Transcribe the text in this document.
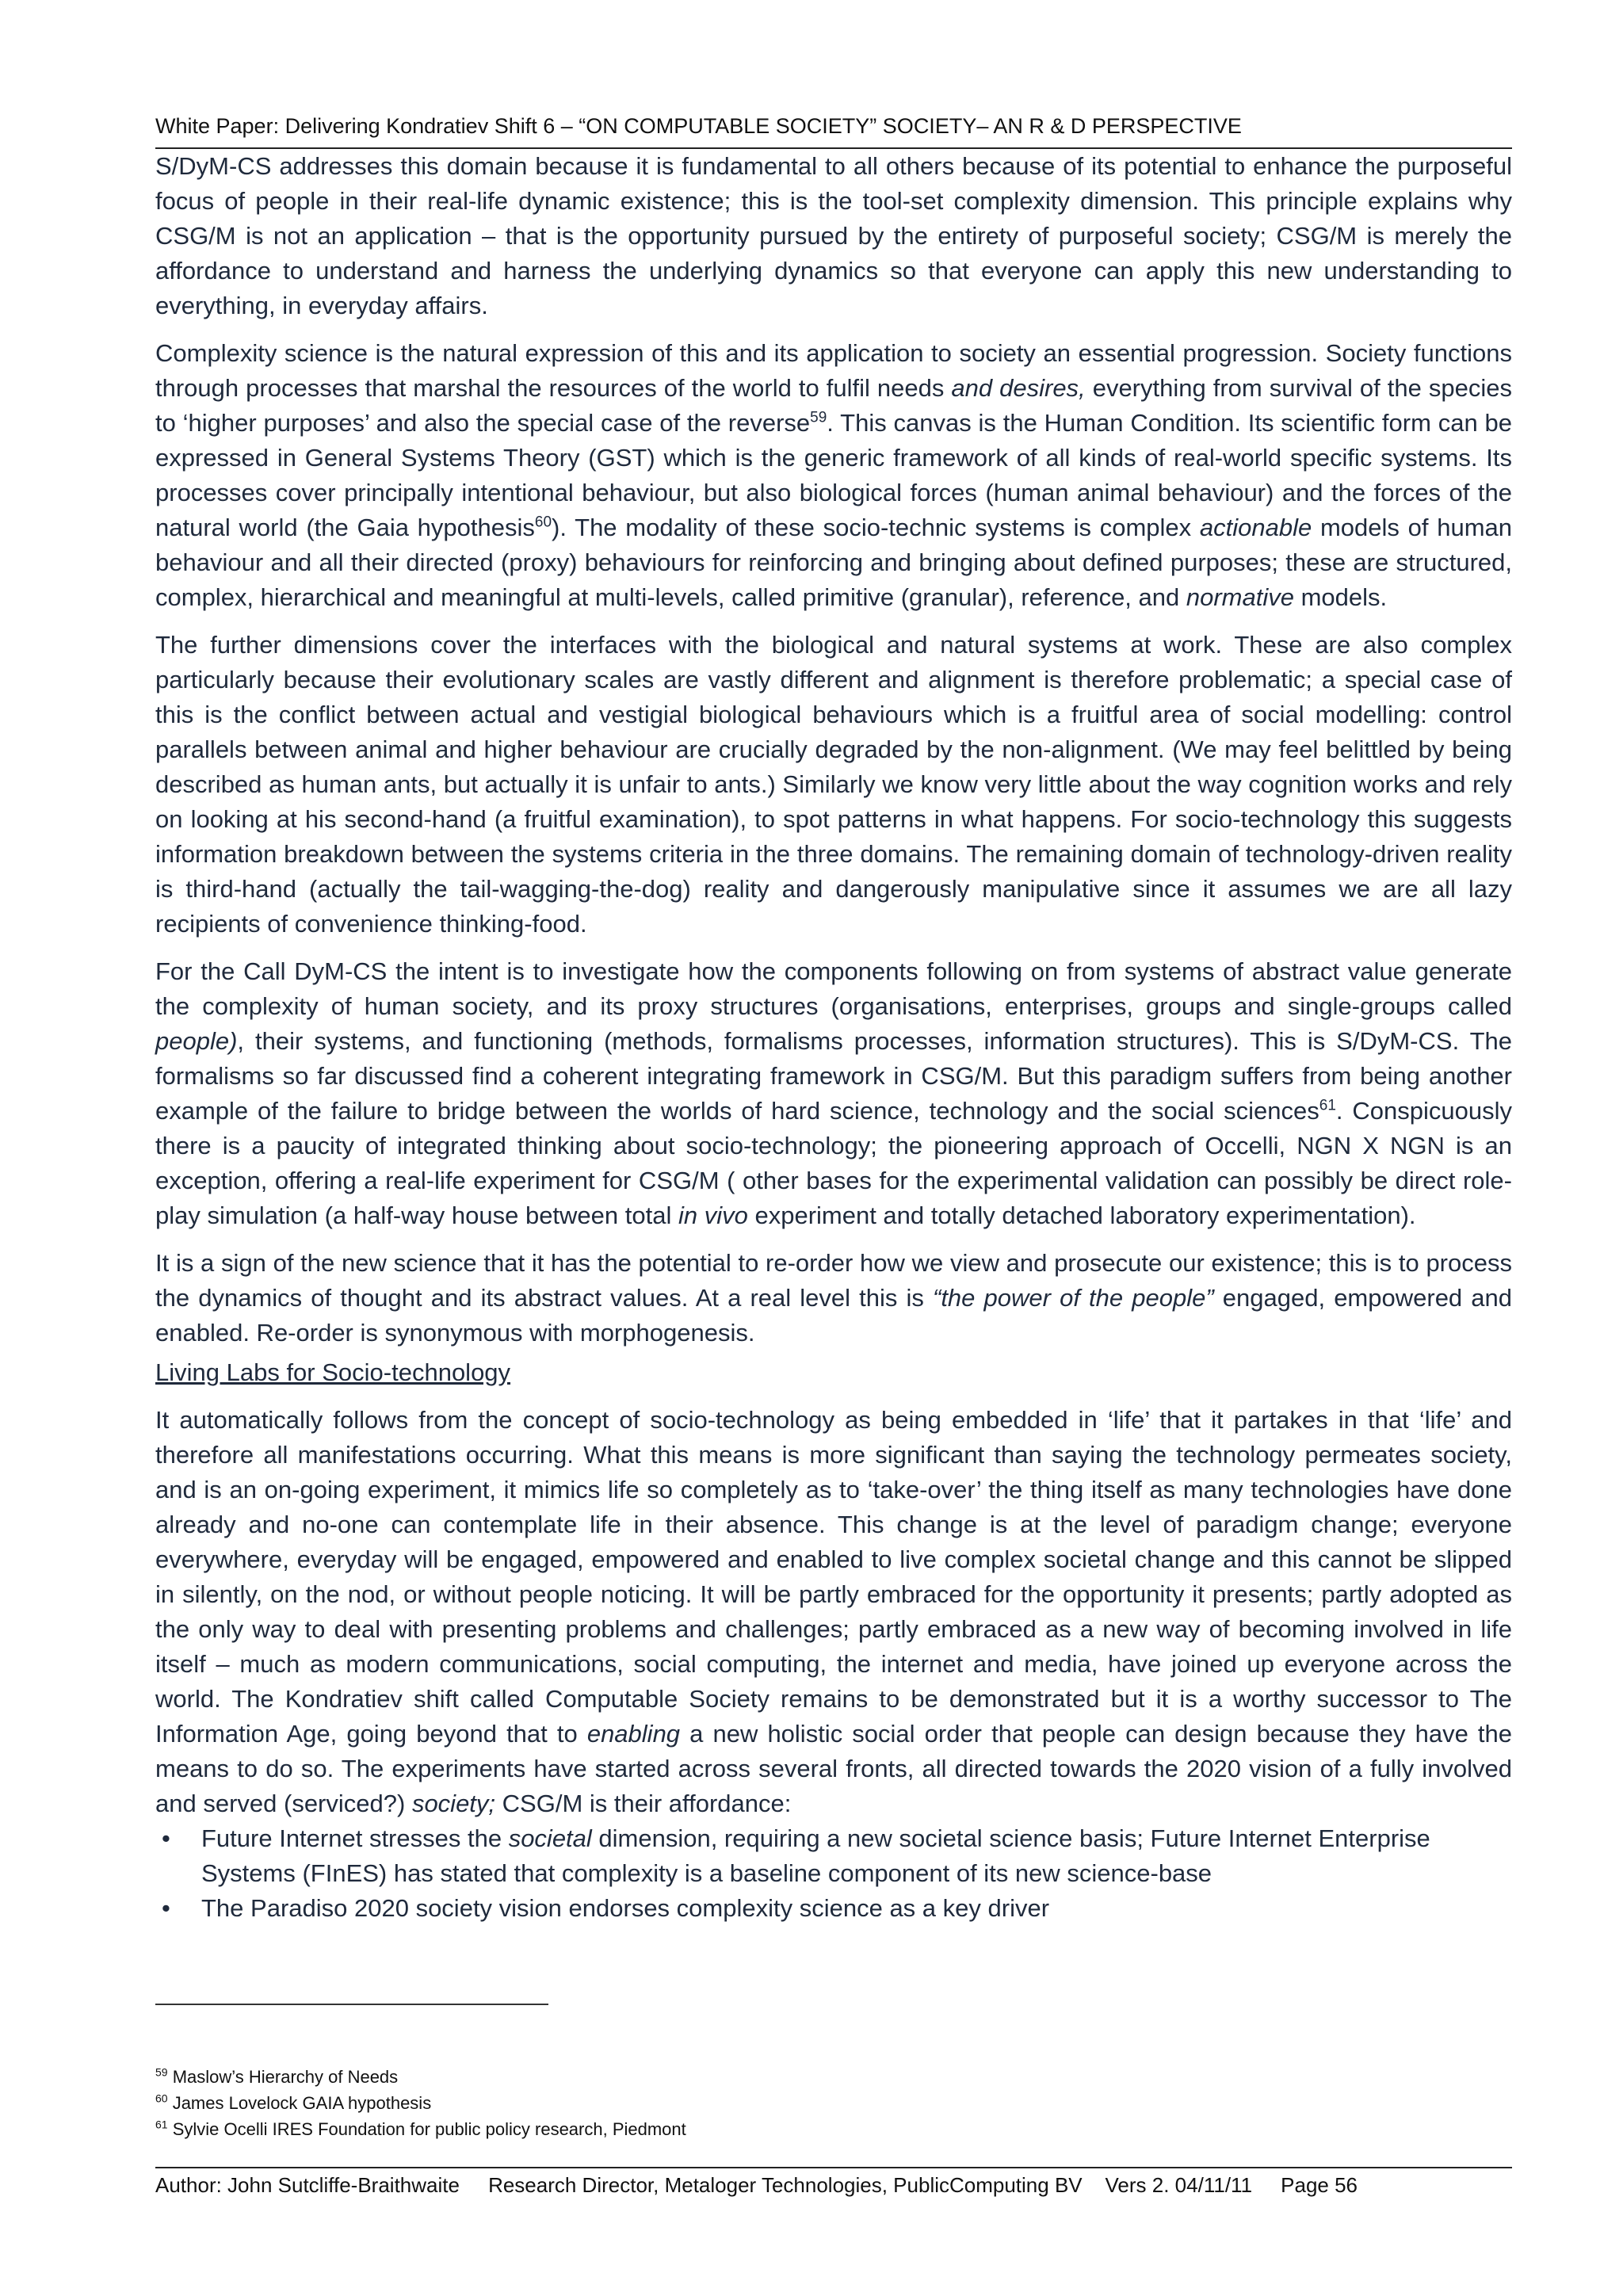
White Paper: Delivering Kondratiev Shift 6 – “ON COMPUTABLE SOCIETY” SOCIETY– AN R & D PERSPECTIVE

S/DyM-CS addresses this domain because it is fundamental to all others because of its potential to enhance the purposeful focus of people in their real-life dynamic existence; this is the tool-set complexity dimension. This principle explains why CSG/M is not an application – that is the opportunity pursued by the entirety of purposeful society; CSG/M is merely the affordance to understand and harness the underlying dynamics so that everyone can apply this new understanding to everything, in everyday affairs.

Complexity science is the natural expression of this and its application to society an essential progression. Society functions through processes that marshal the resources of the world to fulfil needs and desires, everything from survival of the species to ‘higher purposes’ and also the special case of the reverse$^{59}$. This canvas is the Human Condition. Its scientific form can be expressed in General Systems Theory (GST) which is the generic framework of all kinds of real-world specific systems. Its processes cover principally intentional behaviour, but also biological forces (human animal behaviour) and the forces of the natural world (the Gaia hypothesis$^{60}$). The modality of these socio-technic systems is complex actionable models of human behaviour and all their directed (proxy) behaviours for reinforcing and bringing about defined purposes; these are structured, complex, hierarchical and meaningful at multi-levels, called primitive (granular), reference, and normative models.

The further dimensions cover the interfaces with the biological and natural systems at work. These are also complex particularly because their evolutionary scales are vastly different and alignment is therefore problematic; a special case of this is the conflict between actual and vestigial biological behaviours which is a fruitful area of social modelling: control parallels between animal and higher behaviour are crucially degraded by the non-alignment. (We may feel belittled by being described as human ants, but actually it is unfair to ants.) Similarly we know very little about the way cognition works and rely on looking at his second-hand (a fruitful examination), to spot patterns in what happens. For socio-technology this suggests information breakdown between the systems criteria in the three domains. The remaining domain of technology-driven reality is third-hand (actually the tail-wagging-the-dog) reality and dangerously manipulative since it assumes we are all lazy recipients of convenience thinking-food.

For the Call DyM-CS the intent is to investigate how the components following on from systems of abstract value generate the complexity of human society, and its proxy structures (organisations, enterprises, groups and single-groups called people), their systems, and functioning (methods, formalisms processes, information structures). This is S/DyM-CS. The formalisms so far discussed find a coherent integrating framework in CSG/M. But this paradigm suffers from being another example of the failure to bridge between the worlds of hard science, technology and the social sciences$^{61}$. Conspicuously there is a paucity of integrated thinking about socio-technology; the pioneering approach of Occelli, NGN X NGN is an exception, offering a real-life experiment for CSG/M ( other bases for the experimental validation can possibly be direct role-play simulation (a half-way house between total in vivo experiment and totally detached laboratory experimentation).

It is a sign of the new science that it has the potential to re-order how we view and prosecute our existence; this is to process the dynamics of thought and its abstract values. At a real level this is “the power of the people” engaged, empowered and enabled. Re-order is synonymous with morphogenesis.

Living Labs for Socio-technology

It automatically follows from the concept of socio-technology as being embedded in ‘life’ that it partakes in that ‘life’ and therefore all manifestations occurring. What this means is more significant than saying the technology permeates society, and is an on-going experiment, it mimics life so completely as to ‘take-over’ the thing itself as many technologies have done already and no-one can contemplate life in their absence. This change is at the level of paradigm change; everyone everywhere, everyday will be engaged, empowered and enabled to live complex societal change and this cannot be slipped in silently, on the nod, or without people noticing. It will be partly embraced for the opportunity it presents; partly adopted as the only way to deal with presenting problems and challenges; partly embraced as a new way of becoming involved in life itself – much as modern communications, social computing, the internet and media, have joined up everyone across the world. The Kondratiev shift called Computable Society remains to be demonstrated but it is a worthy successor to The Information Age, going beyond that to enabling a new holistic social order that people can design because they have the means to do so. The experiments have started across several fronts, all directed towards the 2020 vision of a fully involved and served (serviced?) society; CSG/M is their affordance:

• Future Internet stresses the societal dimension, requiring a new societal science basis; Future Internet Enterprise Systems (FInES) has stated that complexity is a baseline component of its new science-base
• The Paradiso 2020 society vision endorses complexity science as a key driver
$^{59}$ Maslow’s Hierarchy of Needs
$^{60}$ James Lovelock GAIA hypothesis
$^{61}$ Sylvie Ocelli IRES Foundation for public policy research, Piedmont
Author: John Sutcliffe-Braithwaite     Research Director, Metaloger Technologies, PublicComputing BV    Vers 2. 04/11/11     Page 56
